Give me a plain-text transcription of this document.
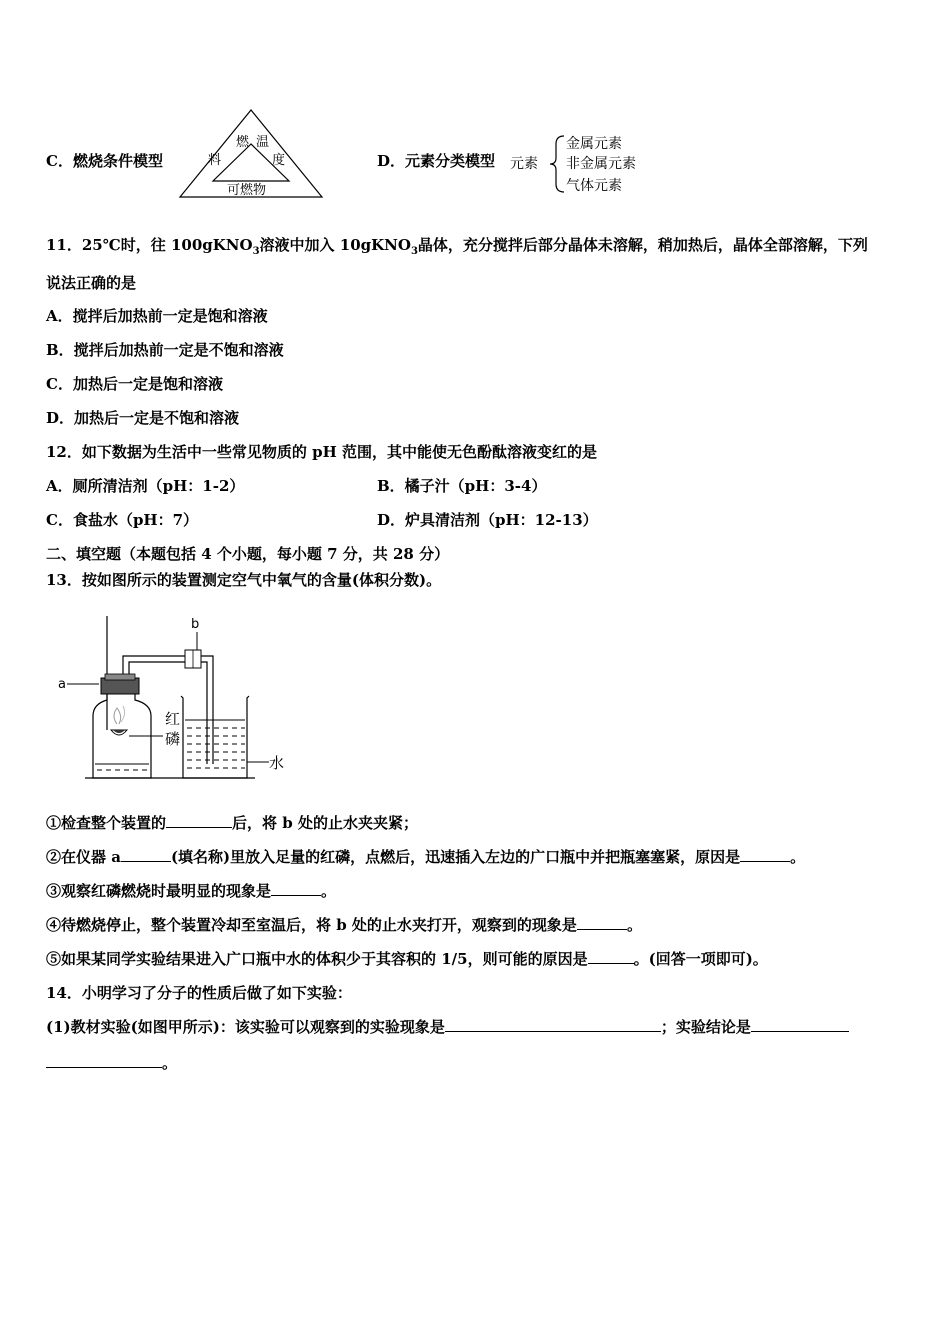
C．燃烧条件模型
燃 温
料	度
可燃物
D．元素分类模型 元素
金属元素
非金属元素
气体元素
11．25℃时，往 100gKNO$_3$溶液中加入 10gKNO$_3$晶体，充分搅拌后部分晶体未溶解，稍加热后，晶体全部溶解，下列
说法正确的是
A．搅拌后加热前一定是饱和溶液
B．搅拌后加热前一定是不饱和溶液
C．加热后一定是饱和溶液
D．加热后一定是不饱和溶液
12．如下数据为生活中一些常见物质的 pH 范围，其中能使无色酚酞溶液变红的是
A．厕所清洁剂（pH：1-2）	B．橘子汁（pH：3-4）
C．食盐水（pH：7）	D．炉具清洁剂（pH：12-13）
二、填空题（本题包括 4 个小题，每小题 7 分，共 28 分）
13．按如图所示的装置测定空气中氧气的含量(体积分数)。
a
红
磷
b
水
①检查整个装置的	后，将 b 处的止水夹夹紧；
②在仪器 a	(填名称)里放入足量的红磷，点燃后，迅速插入左边的广口瓶中并把瓶塞塞紧，原因是	。
③观察红磷燃烧时最明显的现象是	。
④待燃烧停止，整个装置冷却至室温后，将 b 处的止水夹打开，观察到的现象是	。
⑤如果某同学实验结果进入广口瓶中水的体积少于其容积的 1/5，则可能的原因是	。(回答一项即可)。
14．小明学习了分子的性质后做了如下实验：
(1)教材实验(如图甲所示)：该实验可以观察到的实验现象是	；实验结论是
。
